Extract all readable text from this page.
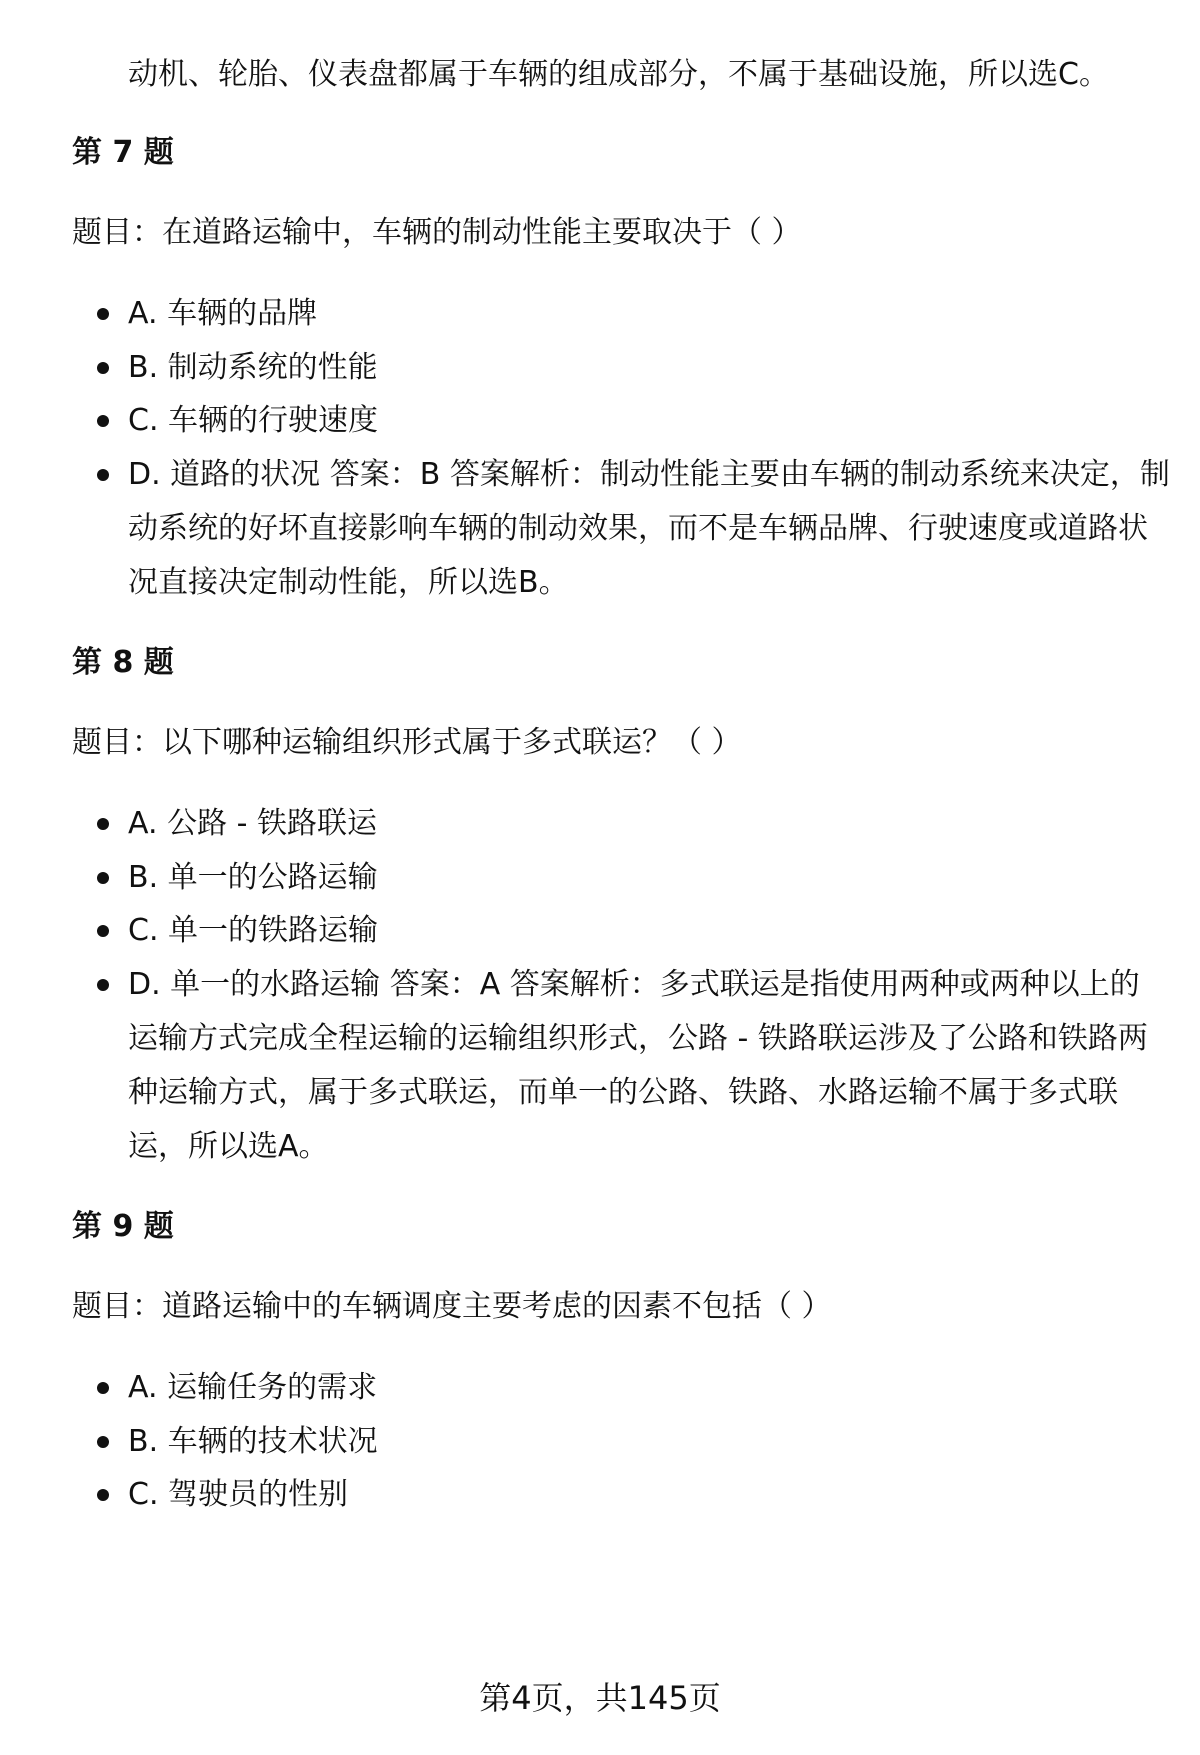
动机、轮胎、仪表盘都属于车辆的组成部分，不属于基础设施，所以选C。
第 7 题
题目：在道路运输中，车辆的制动性能主要取决于（ ）
A. 车辆的品牌
B. 制动系统的性能
C. 车辆的行驶速度
D. 道路的状况 答案：B 答案解析：制动性能主要由车辆的制动系统来决定，制
动系统的好坏直接影响车辆的制动效果，而不是车辆品牌、行驶速度或道路状
况直接决定制动性能，所以选B。
第 8 题
题目：以下哪种运输组织形式属于多式联运？（ ）
A. 公路 - 铁路联运
B. 单一的公路运输
C. 单一的铁路运输
D. 单一的水路运输 答案：A 答案解析：多式联运是指使用两种或两种以上的
运输方式完成全程运输的运输组织形式，公路 - 铁路联运涉及了公路和铁路两
种运输方式，属于多式联运，而单一的公路、铁路、水路运输不属于多式联
运，所以选A。
第 9 题
题目：道路运输中的车辆调度主要考虑的因素不包括（ ）
A. 运输任务的需求
B. 车辆的技术状况
C. 驾驶员的性别
第4页，共145页
